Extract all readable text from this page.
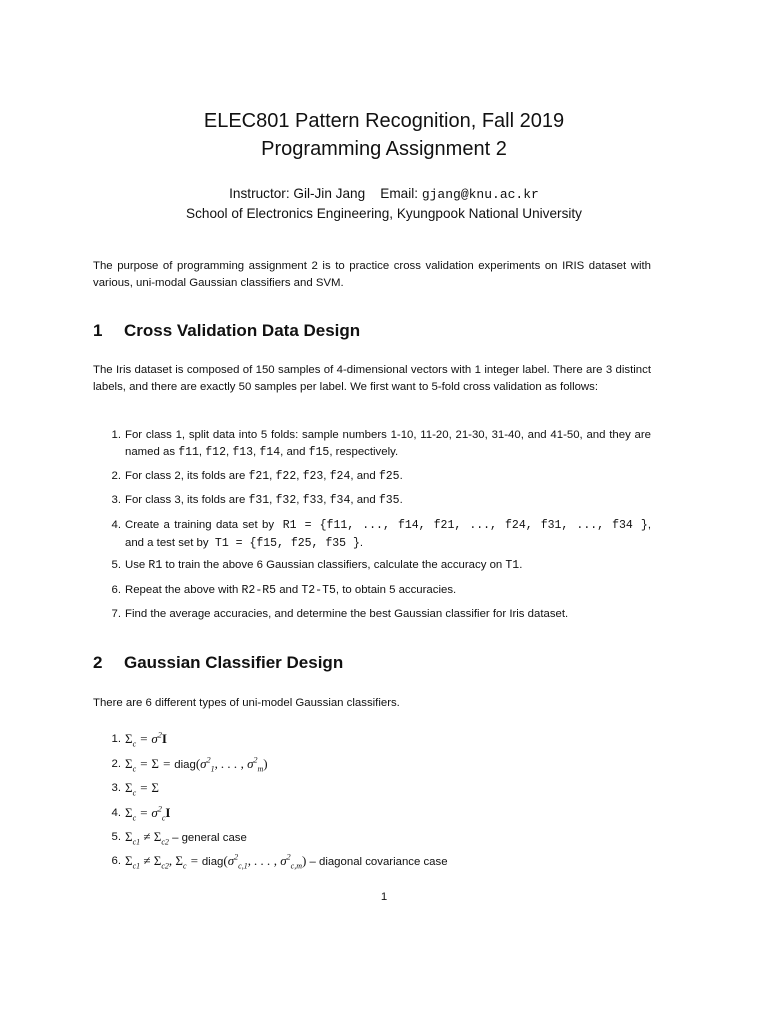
ELEC801 Pattern Recognition, Fall 2019
Programming Assignment 2
Instructor: Gil-Jin Jang Email: gjang@knu.ac.kr
School of Electronics Engineering, Kyungpook National University
The purpose of programming assignment 2 is to practice cross validation experiments on IRIS dataset with various, uni-modal Gaussian classifiers and SVM.
1 Cross Validation Data Design
The Iris dataset is composed of 150 samples of 4-dimensional vectors with 1 integer label. There are 3 distinct labels, and there are exactly 50 samples per label. We first want to 5-fold cross validation as follows:
1. For class 1, split data into 5 folds: sample numbers 1-10, 11-20, 21-30, 31-40, and 41-50, and they are named as f11, f12, f13, f14, and f15, respectively.
2. For class 2, its folds are f21, f22, f23, f24, and f25.
3. For class 3, its folds are f31, f32, f33, f34, and f35.
4. Create a training data set by  R1 = {f11, ..., f14, f21, ..., f24, f31, ..., f34 }, and a test set by  T1 = {f15, f25, f35 }.
5. Use R1 to train the above 6 Gaussian classifiers, calculate the accuracy on T1.
6. Repeat the above with R2-R5 and T2-T5, to obtain 5 accuracies.
7. Find the average accuracies, and determine the best Gaussian classifier for Iris dataset.
2 Gaussian Classifier Design
There are 6 different types of uni-model Gaussian classifiers.
1. $\Sigma_c = \sigma^2I$
2. $\Sigma_c = \Sigma$ = $diag(\sigma^2_1$, . . . , $\sigma^2_m$)
3. $\Sigma_c = \Sigma$
4. $\Sigma_c = \sigma^2_cI$
5. $\Sigma_{c1} \ne \Sigma_{c2}$ – general case
6. $\Sigma_{c1} \ne \Sigma_{c2}$, $\Sigma_c$ = $diag(\sigma^2_{c,1}$, . . . , $\sigma^2_{c,m}$) – diagonal covariance case
1
